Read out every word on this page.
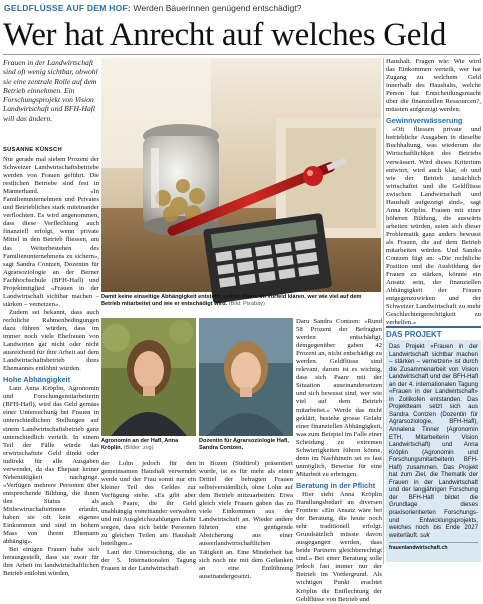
GELDFLÜSSE AUF DEM HOF: Werden Bäuerinnen genügend entschädigt?
Wer hat Anrecht auf welches Geld
Frauen in der Landwirtschaft sind oft wenig sichtbar, obwohl sie eine zentrale Rolle auf dem Betrieb einnehmen. Ein Forschungsprojekt von Vision Landwirtschaft und BFH-Hafl will das ändern.
SUSANNE KÜNSCH

Nur gerade mal sieben Prozent der Schweizer Landwirtschaftsbetriebe werden von Frauen geführt. Die restlichen Betriebe sind fest in Männerhand. «In Familienunternehmen und Privates und Betriebliches stark miteinander verflochten. Es wird angenommen, dass diese Verflechtung auch finanziell erfolgt, wenn private Mittel in den Betrieb fliessen, um das Weiterbestehen des Familienunternehmens zu sichern», sagt Sandra Contzen, Dozentin für Agrarsoziologie an der Berner Fachhochschule (BFH-Hafl) und Projektmitglied «Frauen in der Landwirtschaft sichtbar machen – stärken – vernetzen».

Zudem sei bekannt, dass auch rechtliche Rahmenbedingungen dazu führen würden, dass im immer noch viele Ehefrauen von Landwirten gar nicht oder nicht ausreichend für ihre Arbeit auf dem Landwirtschaftsbetrieb ihres Ehemannes entlöhnt würden.

Hohe Abhängigkeit

Laut Anna Kröplin, Agronomin und Forschungsmitarbeiterin (BFH-Hafl), wird das Geld gemäss einer Untersuchung bei Frauen in unterschiedlichen Stellungen auf einem Landwirtschaftsbetrieb ganz unterschiedlich verteilt. In einem Teil der Fälle würde das erwirtschaftete Geld direkt oder indirekt für alle Ausgaben verwendet, da das Ehepaar keiner Nebentätigkeit nachginge. «Verfügen mehrere Personen über entsprechende Bildung, die ihnen den Status als Mitbewirtschafterinnen erlaubt, haben sie oft kein eigenes Einkommen und sind in hohem Mass von ihrem Ehemann abhängig».

Bei einigen Frauen habe sich herausgestellt, dass sie zwar für ihre Arbeit im landwirtschaftlichen Betrieb entlohnt würden,

Damit keine einseitige Abhängigkeit entsteht, sollten Paare im Vorfeld klären, wer wie viel auf dem Betrieb mitarbeitet und wie er entschädigt wird. (Bild: Pixabay)
Agronomin an der Hafl, Anna Kröplin. (Bilder: zvg)
Dozentin für Agrarsoziologie Hafl, Sandra Contzen.

der Lohn jedoch für den gemeinsamen Haushalt verwendet werde und der Frau somit nur ein kleiner Teil des Geldes zur Verfügung stehe. «Es gibt aber auch Paare, die ihr Geld unabhängig voneinander verwalten und mit Ausgleichszahlungen dafür sorgen, dass sich beide Personen zu gleichen Teilen am Haushalt beteiligen.»

Laut der Untersuchung, die an der 5. Internationalen Tagung Frauen in der Landwirtschaft

in Bozen (Südtirol) präsentiert wurde, ist es für mehr als einen Drittel der befragten Frauen selbstverständlich, ohne Lohn auf dem Betrieb mitzuarbeiten. Etwa gleich viele Frauen gaben das zu viele Einkommen aus der Landwirtschaft an. Wieder andere führten eine genügende Absicherung aus einer ausserlandwirtschaftlichen Tätigkeit an. Eine Minderheit hat sich noch nie mit dem Gedanken an eine Entlöhnung auseinandergesetzt.

Daru Sandra Contzen: «Rund 58 Prozent der Befragten werden entschädigt, demgegenüber gaben 42 Prozent an, nicht entschädigt zu werden. Geldflüsse sind relevant, darum ist es wichtig, dass sich Paare mit der Situation auseinandersetzen und sich bewusst sind, wer wie viel auf dem Betrieb mitarbeitet.» Werde das nicht geklärt, bestehe grosse Gefahr einer finanziellen Abhängigkeit, was zum Beispiel im Falle einer Scheidung zu extremen Schwierigkeiten führen könne, denn im Nachhinein sei es fast unmöglich, Beweise für eine Mitarbeit zu erbringen.

Beratung in der Pflicht

Hier sieht Anna Kröplin Handlungsbedarf an diversen Fronten: «Ein Ansatz wäre bei der Beratung, die heute noch sehr traditionell erfolgt. Grundsätzlich müsste davon ausgegangen werden, dass beide Partnern gleichberechtigt sind.» Bei einer Beratung solle jedoch fast immer nur der Betrieb im Vordergrund. Als wichtigen Punkt erachtet Kröplin die Entflechtung der Geldflüsse von Betrieb und

Haushalt. Fragen wie: Wie wird das Einkommen verteilt, wer hat Zugang zu welchem Geld innerhalb des Haushalts, welche Person hat Entscheidungsmacht über die finanziellen Ressourcen?, müssten aufgezeigt werden.

Gewinnverwässerung

«Oft fliessen private und betriebliche Ausgaben in dieselbe Buchhaltung, was wiederum die Wirtschaftlichkeit des Betriebs verwässert. Wird dieses Kriterium entwirrt, wird auch klar, ob und wie der Betrieb tatsächlich wirtschaftet und die Geldflüsse zwischen Landwirtschaft und Haushalt aufgezeigt sind», sagt Anna Kröplin. Frauen mit einer höheren Bildung, die auswärts arbeiten würden, seien sich dieser Problematik ganz anders bewusst als Frauen, die auf dem Betrieb mitarbeiten würden. Und Sandra Contzen fügt an: «Die rechtliche Position und die Ausbildung der Frauen zu stärken, könnte ein Ansatz sein, der finanziellen Abhängigkeit der Frauen entgegenzuwirken und der Schweizer Landwirtschaft zu mehr Geschlechtergerechtigkeit zu verhelfen.»

DAS PROJEKT
Das Projekt «Frauen in der Landwirtschaft sichtbar machen – stärken – vernetzen» ist durch die Zusammenarbeit von Vision Landwirtschaft und der BFH-Hafl an der 4. internationalen Tagung «Frauen in der Landwirtschaft» in Zollikofen entstanden. Das Projektteam setzt sich aus Sandra Contzen (Dozentin für Agrarsoziologie, BFH-Hafl), Annalena Tinner (Agronomin ETH, Mitarbeiterin Vision Landwirtschaft) und Anna Kröplin (Agronomin und Forschungsmitarbeiterin BFH-Hafl) zusammen. Das Projekt hat zum Ziel, die Thematik der Frauen in der Landwirtschaft und der langjährigen Forschung der BFH-Hafl bildet die Grundlage dieses praxisorientierten Forschungs- und Entwicklungsprojekts, welches noch bis Ende 2027 weiterläuft. suk
frauenlandwirtschaft.ch
